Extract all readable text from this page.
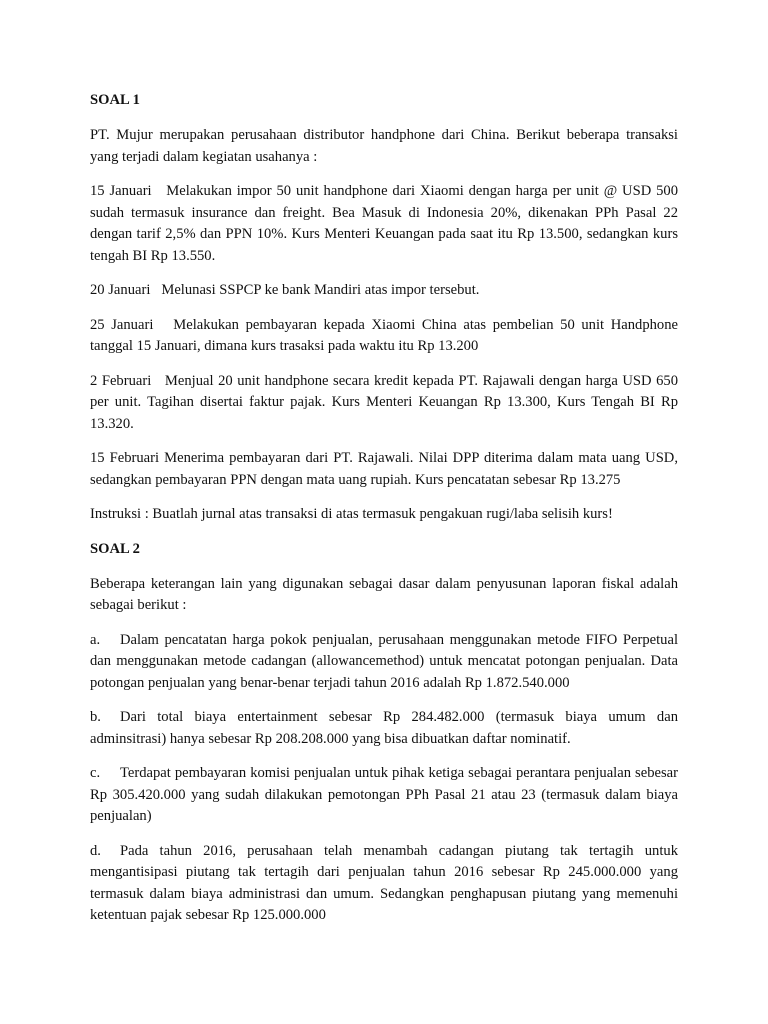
SOAL 1

PT. Mujur merupakan perusahaan distributor handphone dari China. Berikut beberapa transaksi yang terjadi dalam kegiatan usahanya :

15 Januari Melakukan impor 50 unit handphone dari Xiaomi dengan harga per unit @ USD 500 sudah termasuk insurance dan freight. Bea Masuk di Indonesia 20%, dikenakan PPh Pasal 22 dengan tarif 2,5% dan PPN 10%. Kurs Menteri Keuangan pada saat itu Rp 13.500, sedangkan kurs tengah BI Rp 13.550.

20 Januari Melunasi SSPCP ke bank Mandiri atas impor tersebut.

25 Januari Melakukan pembayaran kepada Xiaomi China atas pembelian 50 unit Handphone tanggal 15 Januari, dimana kurs trasaksi pada waktu itu Rp 13.200

2 Februari Menjual 20 unit handphone secara kredit kepada PT. Rajawali dengan harga USD 650 per unit. Tagihan disertai faktur pajak. Kurs Menteri Keuangan Rp 13.300, Kurs Tengah BI Rp 13.320.

15 Februari Menerima pembayaran dari PT. Rajawali. Nilai DPP diterima dalam mata uang USD, sedangkan pembayaran PPN dengan mata uang rupiah. Kurs pencatatan sebesar Rp 13.275

Instruksi : Buatlah jurnal atas transaksi di atas termasuk pengakuan rugi/laba selisih kurs!

SOAL 2

Beberapa keterangan lain yang digunakan sebagai dasar dalam penyusunan laporan fiskal adalah sebagai berikut :

a. Dalam pencatatan harga pokok penjualan, perusahaan menggunakan metode FIFO Perpetual dan menggunakan metode cadangan (allowancemethod) untuk mencatat potongan penjualan. Data potongan penjualan yang benar-benar terjadi tahun 2016 adalah Rp 1.872.540.000

b. Dari total biaya entertainment sebesar Rp 284.482.000 (termasuk biaya umum dan adminsitrasi) hanya sebesar Rp 208.208.000 yang bisa dibuatkan daftar nominatif.

c. Terdapat pembayaran komisi penjualan untuk pihak ketiga sebagai perantara penjualan sebesar Rp 305.420.000 yang sudah dilakukan pemotongan PPh Pasal 21 atau 23 (termasuk dalam biaya penjualan)

d. Pada tahun 2016, perusahaan telah menambah cadangan piutang tak tertagih untuk mengantisipasi piutang tak tertagih dari penjualan tahun 2016 sebesar Rp 245.000.000 yang termasuk dalam biaya administrasi dan umum. Sedangkan penghapusan piutang yang memenuhi ketentuan pajak sebesar Rp 125.000.000
